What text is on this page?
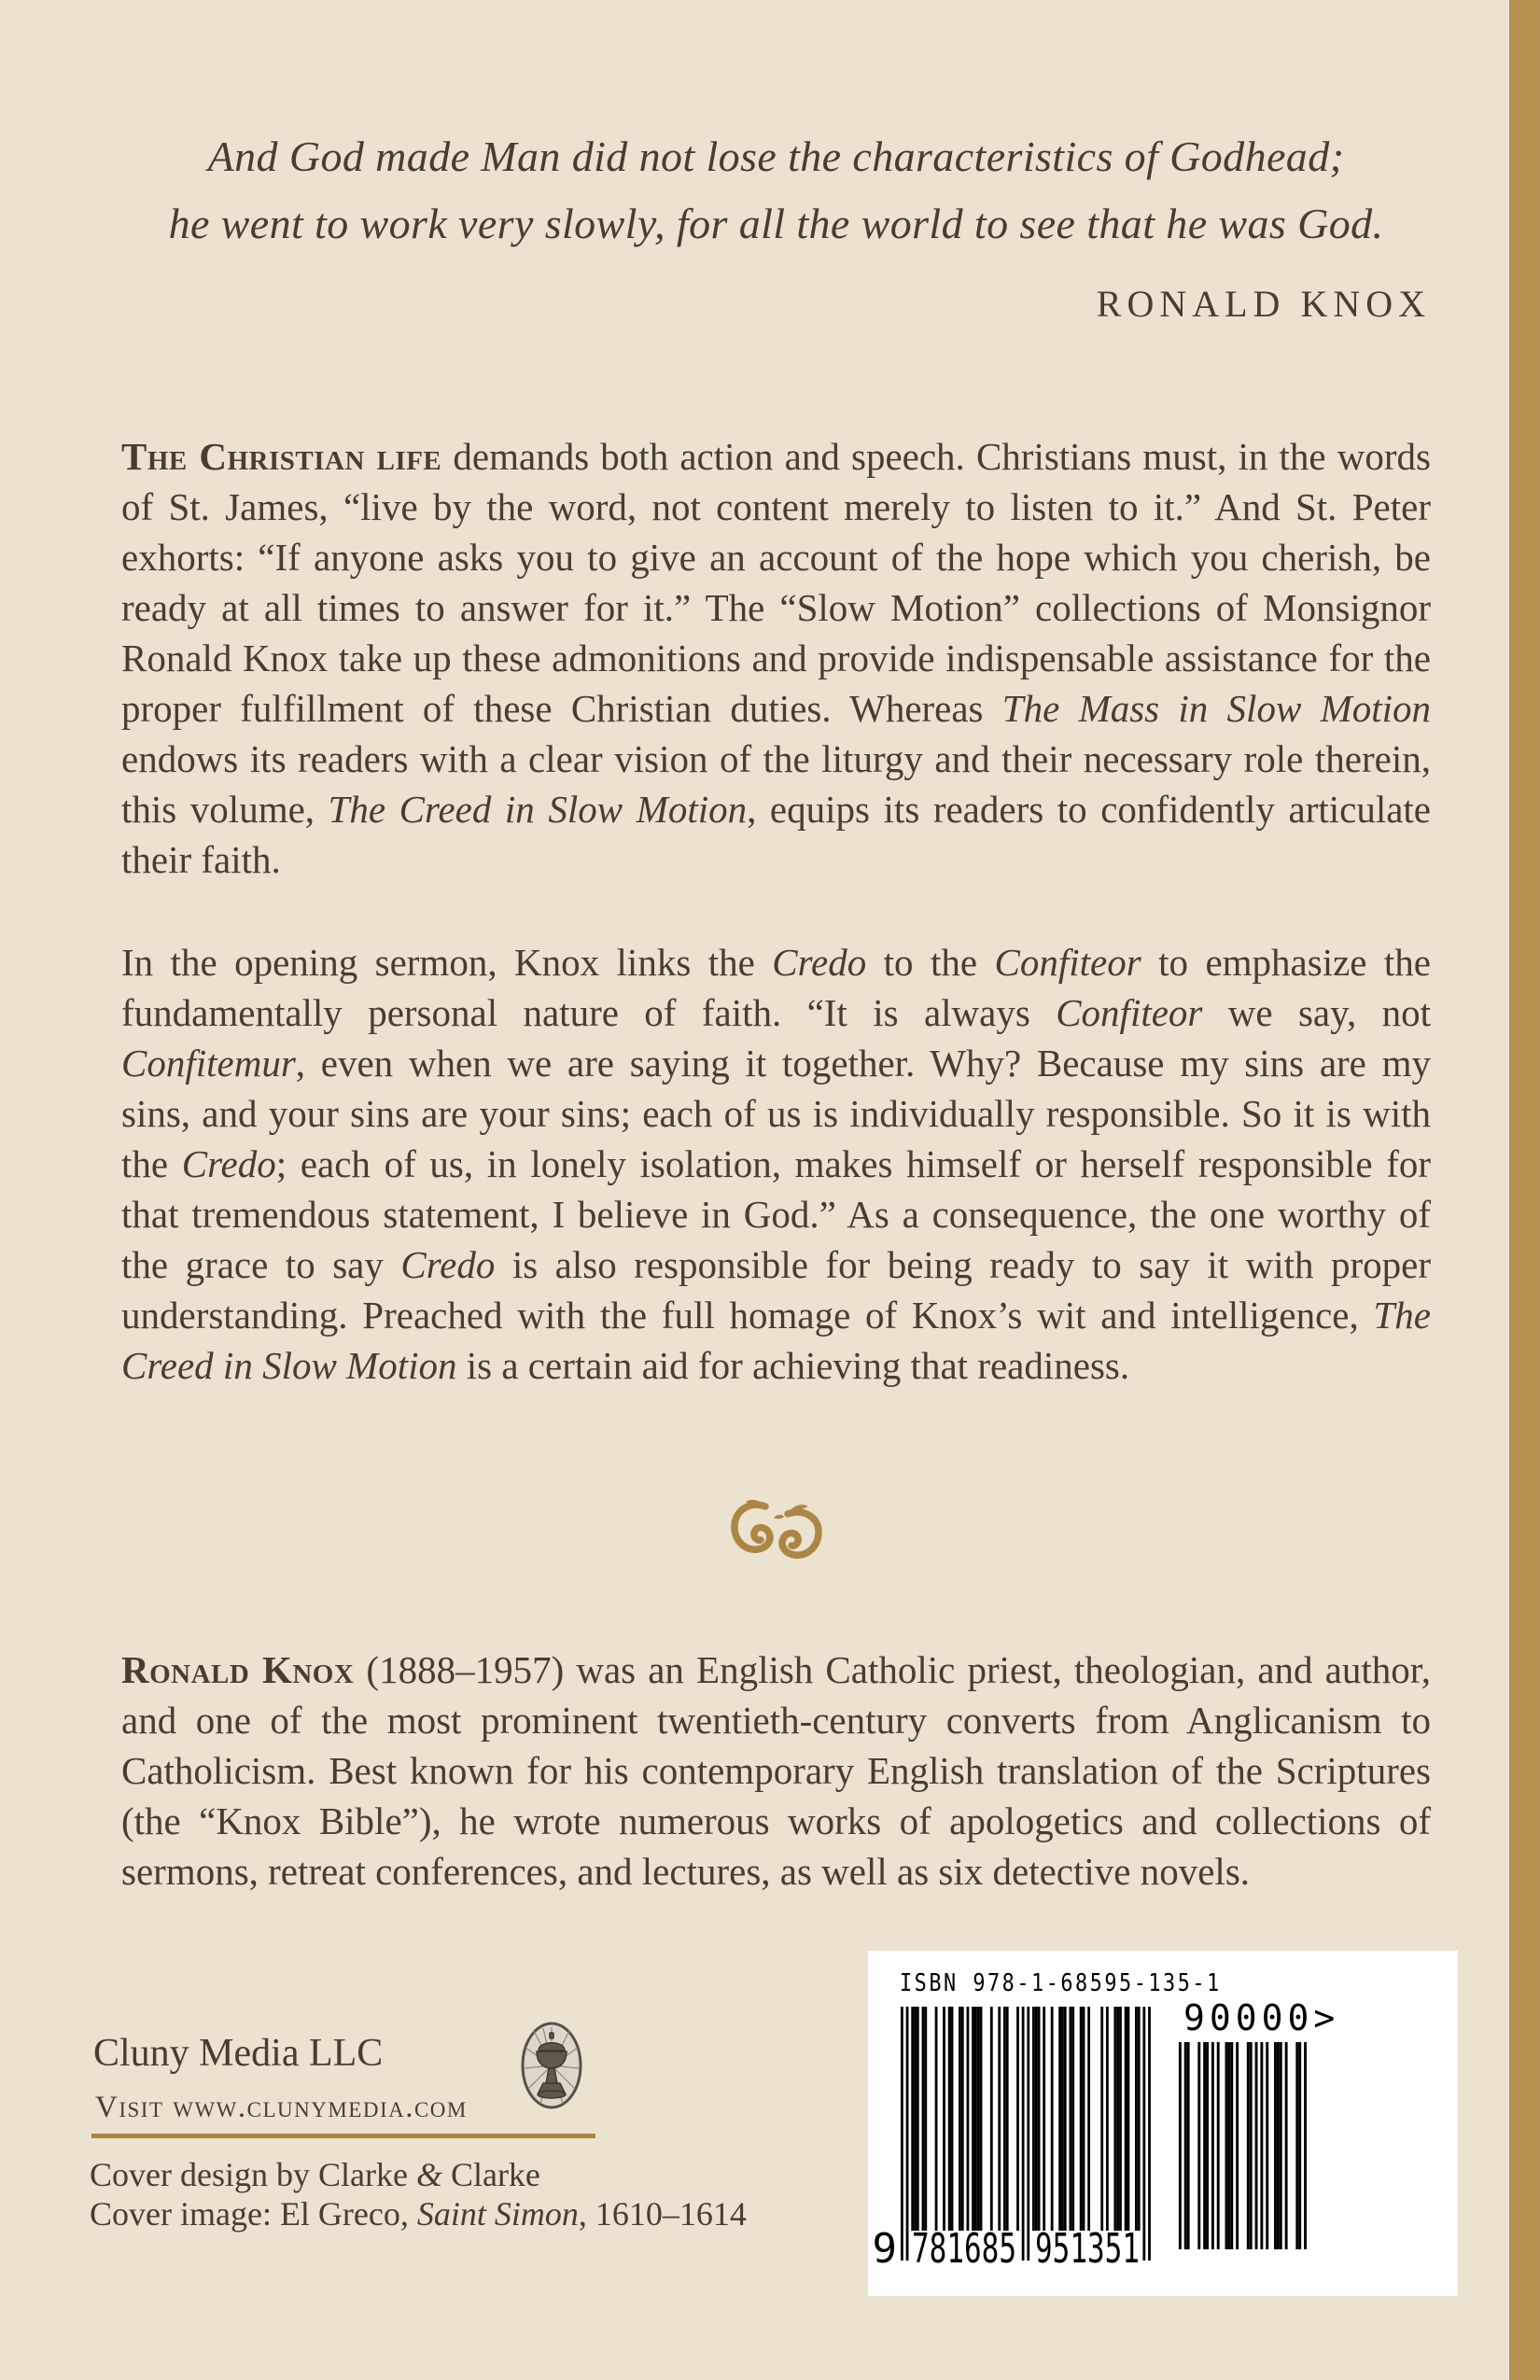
And God made Man did not lose the characteristics of Godhead;
he went to work very slowly, for all the world to see that he was God.
RONALD KNOX

The Christian life demands both action and speech. Christians must, in the words of St. James, “live by the word, not content merely to listen to it.” And St. Peter exhorts: “If anyone asks you to give an account of the hope which you cherish, be ready at all times to answer for it.” The “Slow Motion” collections of Monsignor Ronald Knox take up these admonitions and provide indispensable assistance for the proper fulfillment of these Christian duties. Whereas The Mass in Slow Motion endows its readers with a clear vision of the liturgy and their necessary role therein, this volume, The Creed in Slow Motion, equips its readers to confidently articulate their faith.

In the opening sermon, Knox links the Credo to the Confiteor to emphasize the fundamentally personal nature of faith. “It is always Confiteor we say, not Confitemur, even when we are saying it together. Why? Because my sins are my sins, and your sins are your sins; each of us is individually responsible. So it is with the Credo; each of us, in lonely isolation, makes himself or herself responsible for that tremendous statement, I believe in God.” As a consequence, the one worthy of the grace to say Credo is also responsible for being ready to say it with proper understanding. Preached with the full homage of Knox’s wit and intelligence, The Creed in Slow Motion is a certain aid for achieving that readiness.

Ronald Knox (1888–1957) was an English Catholic priest, theologian, and author, and one of the most prominent twentieth-century converts from Anglicanism to Catholicism. Best known for his contemporary English translation of the Scriptures (the “Knox Bible”), he wrote numerous works of apologetics and collections of sermons, retreat conferences, and lectures, as well as six detective novels.

Cluny Media LLC
Visit www.clunymedia.com
Cover design by Clarke & Clarke
Cover image: El Greco, Saint Simon, 1610–1614
ISBN 978-1-68595-135-1
9 781685 951351
90000>
